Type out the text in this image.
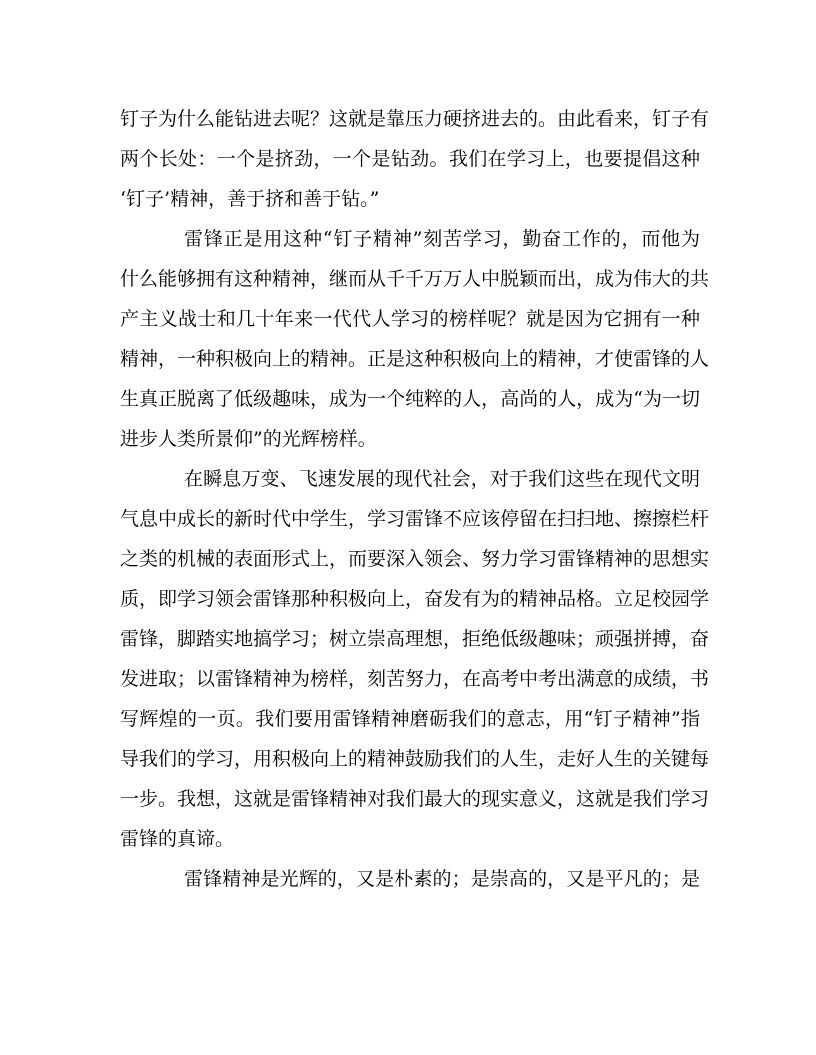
钉子为什么能钻进去呢？这就是靠压力硬挤进去的。由此看来，钉子有
两个长处：一个是挤劲，一个是钻劲。我们在学习上，也要提倡这种
‘钉子’精神，善于挤和善于钻。”
雷锋正是用这种“钉子精神”刻苦学习，勤奋工作的，而他为
什么能够拥有这种精神，继而从千千万万人中脱颖而出，成为伟大的共
产主义战士和几十年来一代代人学习的榜样呢？就是因为它拥有一种
精神，一种积极向上的精神。正是这种积极向上的精神，才使雷锋的人
生真正脱离了低级趣味，成为一个纯粹的人，高尚的人，成为“为一切
进步人类所景仰”的光辉榜样。
在瞬息万变、飞速发展的现代社会，对于我们这些在现代文明
气息中成长的新时代中学生，学习雷锋不应该停留在扫扫地、擦擦栏杆
之类的机械的表面形式上，而要深入领会、努力学习雷锋精神的思想实
质，即学习领会雷锋那种积极向上，奋发有为的精神品格。立足校园学
雷锋，脚踏实地搞学习；树立崇高理想，拒绝低级趣味；顽强拼搏，奋
发进取；以雷锋精神为榜样，刻苦努力，在高考中考出满意的成绩，书
写辉煌的一页。我们要用雷锋精神磨砺我们的意志，用“钉子精神”指
导我们的学习，用积极向上的精神鼓励我们的人生，走好人生的关键每
一步。我想，这就是雷锋精神对我们最大的现实意义，这就是我们学习
雷锋的真谛。
雷锋精神是光辉的，又是朴素的；是崇高的，又是平凡的；是
